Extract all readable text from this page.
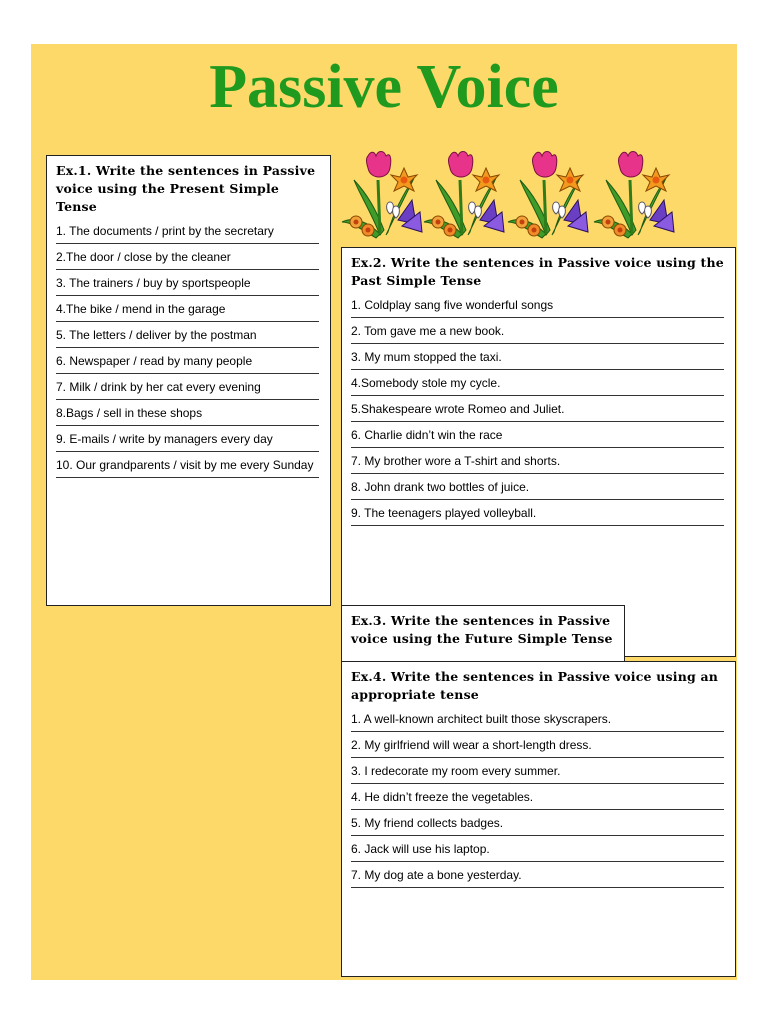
Passive Voice
Ex.1. Write the sentences in Passive voice using the Present Simple Tense
1. The documents / print by the secretary
2.The door / close by the cleaner
3. The trainers / buy by sportspeople
4.The bike / mend in the garage
5. The letters / deliver by the postman
6. Newspaper / read by many people
7. Milk / drink by her cat every evening
8.Bags / sell in these shops
9. E-mails / write by managers every day
10. Our grandparents / visit by me every Sunday
Ex.2. Write the sentences in Passive voice using the Past Simple Tense
1. Coldplay sang five wonderful songs
2. Tom gave me a new book.
3. My mum stopped the taxi.
4.Somebody stole my cycle.
5.Shakespeare wrote Romeo and Juliet.
6. Charlie didn’t win the race
7. My brother wore a T-shirt and shorts.
8. John drank two bottles of juice.
9. The teenagers played volleyball.
Ex.3. Write the sentences in Passive voice using the Future Simple Tense
Ex.4. Write the sentences in Passive voice using an appropriate tense
1. A well-known architect built those skyscrapers.
2. My girlfriend will wear a short-length dress.
3. I redecorate my room every summer.
4. He didn’t freeze the vegetables.
5. My friend collects badges.
6. Jack will use his laptop.
7. My dog ate a bone yesterday.
